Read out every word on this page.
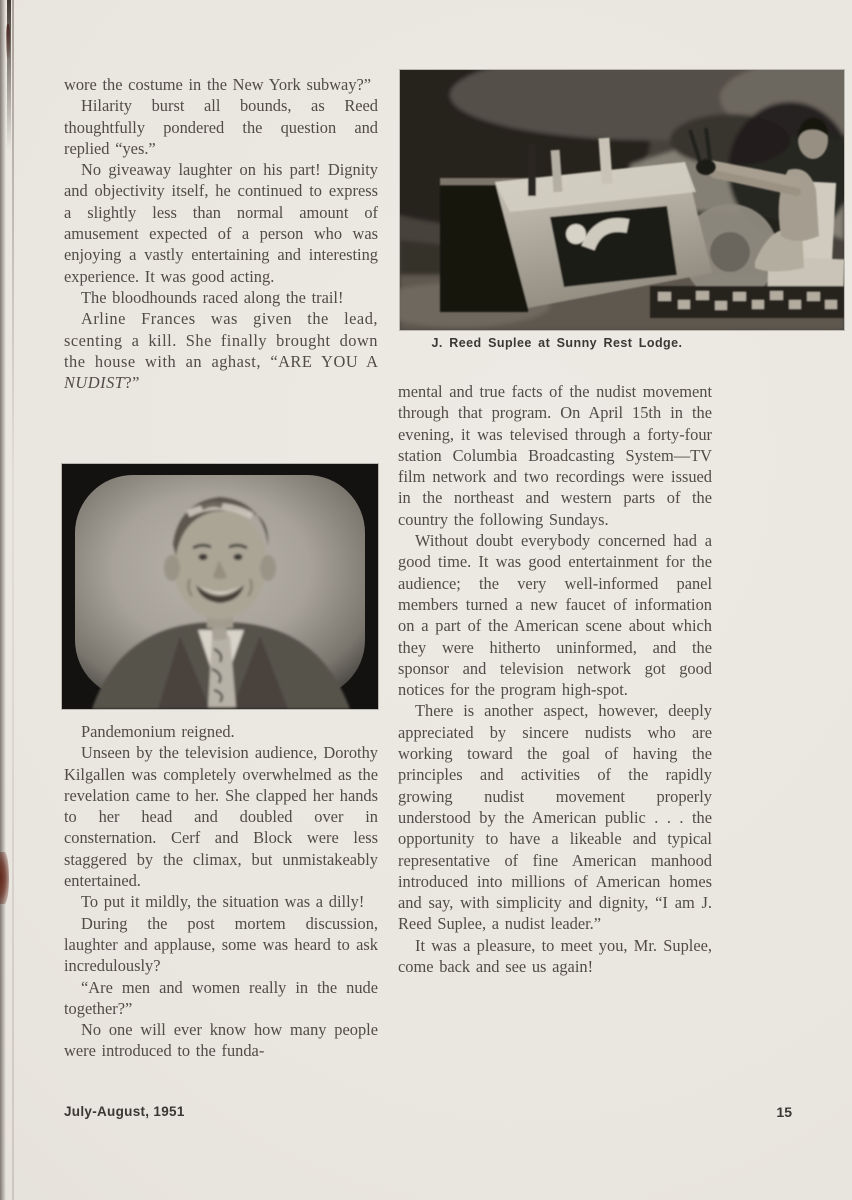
J. Reed Suplee at Sunny Rest Lodge.

wore the costume in the New York subway?”

Hilarity burst all bounds, as Reed thoughtfully pondered the question and replied “yes.”

No giveaway laughter on his part! Dignity and objectivity itself, he continued to express a slightly less than normal amount of amusement expected of a person who was enjoying a vastly entertaining and interesting experience. It was good acting.

The bloodhounds raced along the trail!

Arline Frances was given the lead, scenting a kill. She finally brought down the house with an aghast, “ARE YOU A NUDIST?”

Pandemonium reigned.

Unseen by the television audience, Dorothy Kilgallen was completely overwhelmed as the revelation came to her. She clapped her hands to her head and doubled over in consternation. Cerf and Block were less staggered by the climax, but unmistakeably entertained.

To put it mildly, the situation was a dilly!

During the post mortem discussion, laughter and applause, some was heard to ask incredulously?

“Are men and women really in the nude together?”

No one will ever know how many people were introduced to the funda-

mental and true facts of the nudist movement through that program. On April 15th in the evening, it was televised through a forty-four station Columbia Broadcasting System—TV film network and two recordings were issued in the northeast and western parts of the country the following Sundays.

Without doubt everybody concerned had a good time. It was good entertainment for the audience; the very well-informed panel members turned a new faucet of information on a part of the American scene about which they were hitherto uninformed, and the sponsor and television network got good notices for the program high-spot.

There is another aspect, however, deeply appreciated by sincere nudists who are working toward the goal of having the principles and activities of the rapidly growing nudist movement properly understood by the American public . . . the opportunity to have a likeable and typical representative of fine American manhood introduced into millions of American homes and say, with simplicity and dignity, “I am J. Reed Suplee, a nudist leader.”

It was a pleasure, to meet you, Mr. Suplee, come back and see us again!

July-August, 1951	15
